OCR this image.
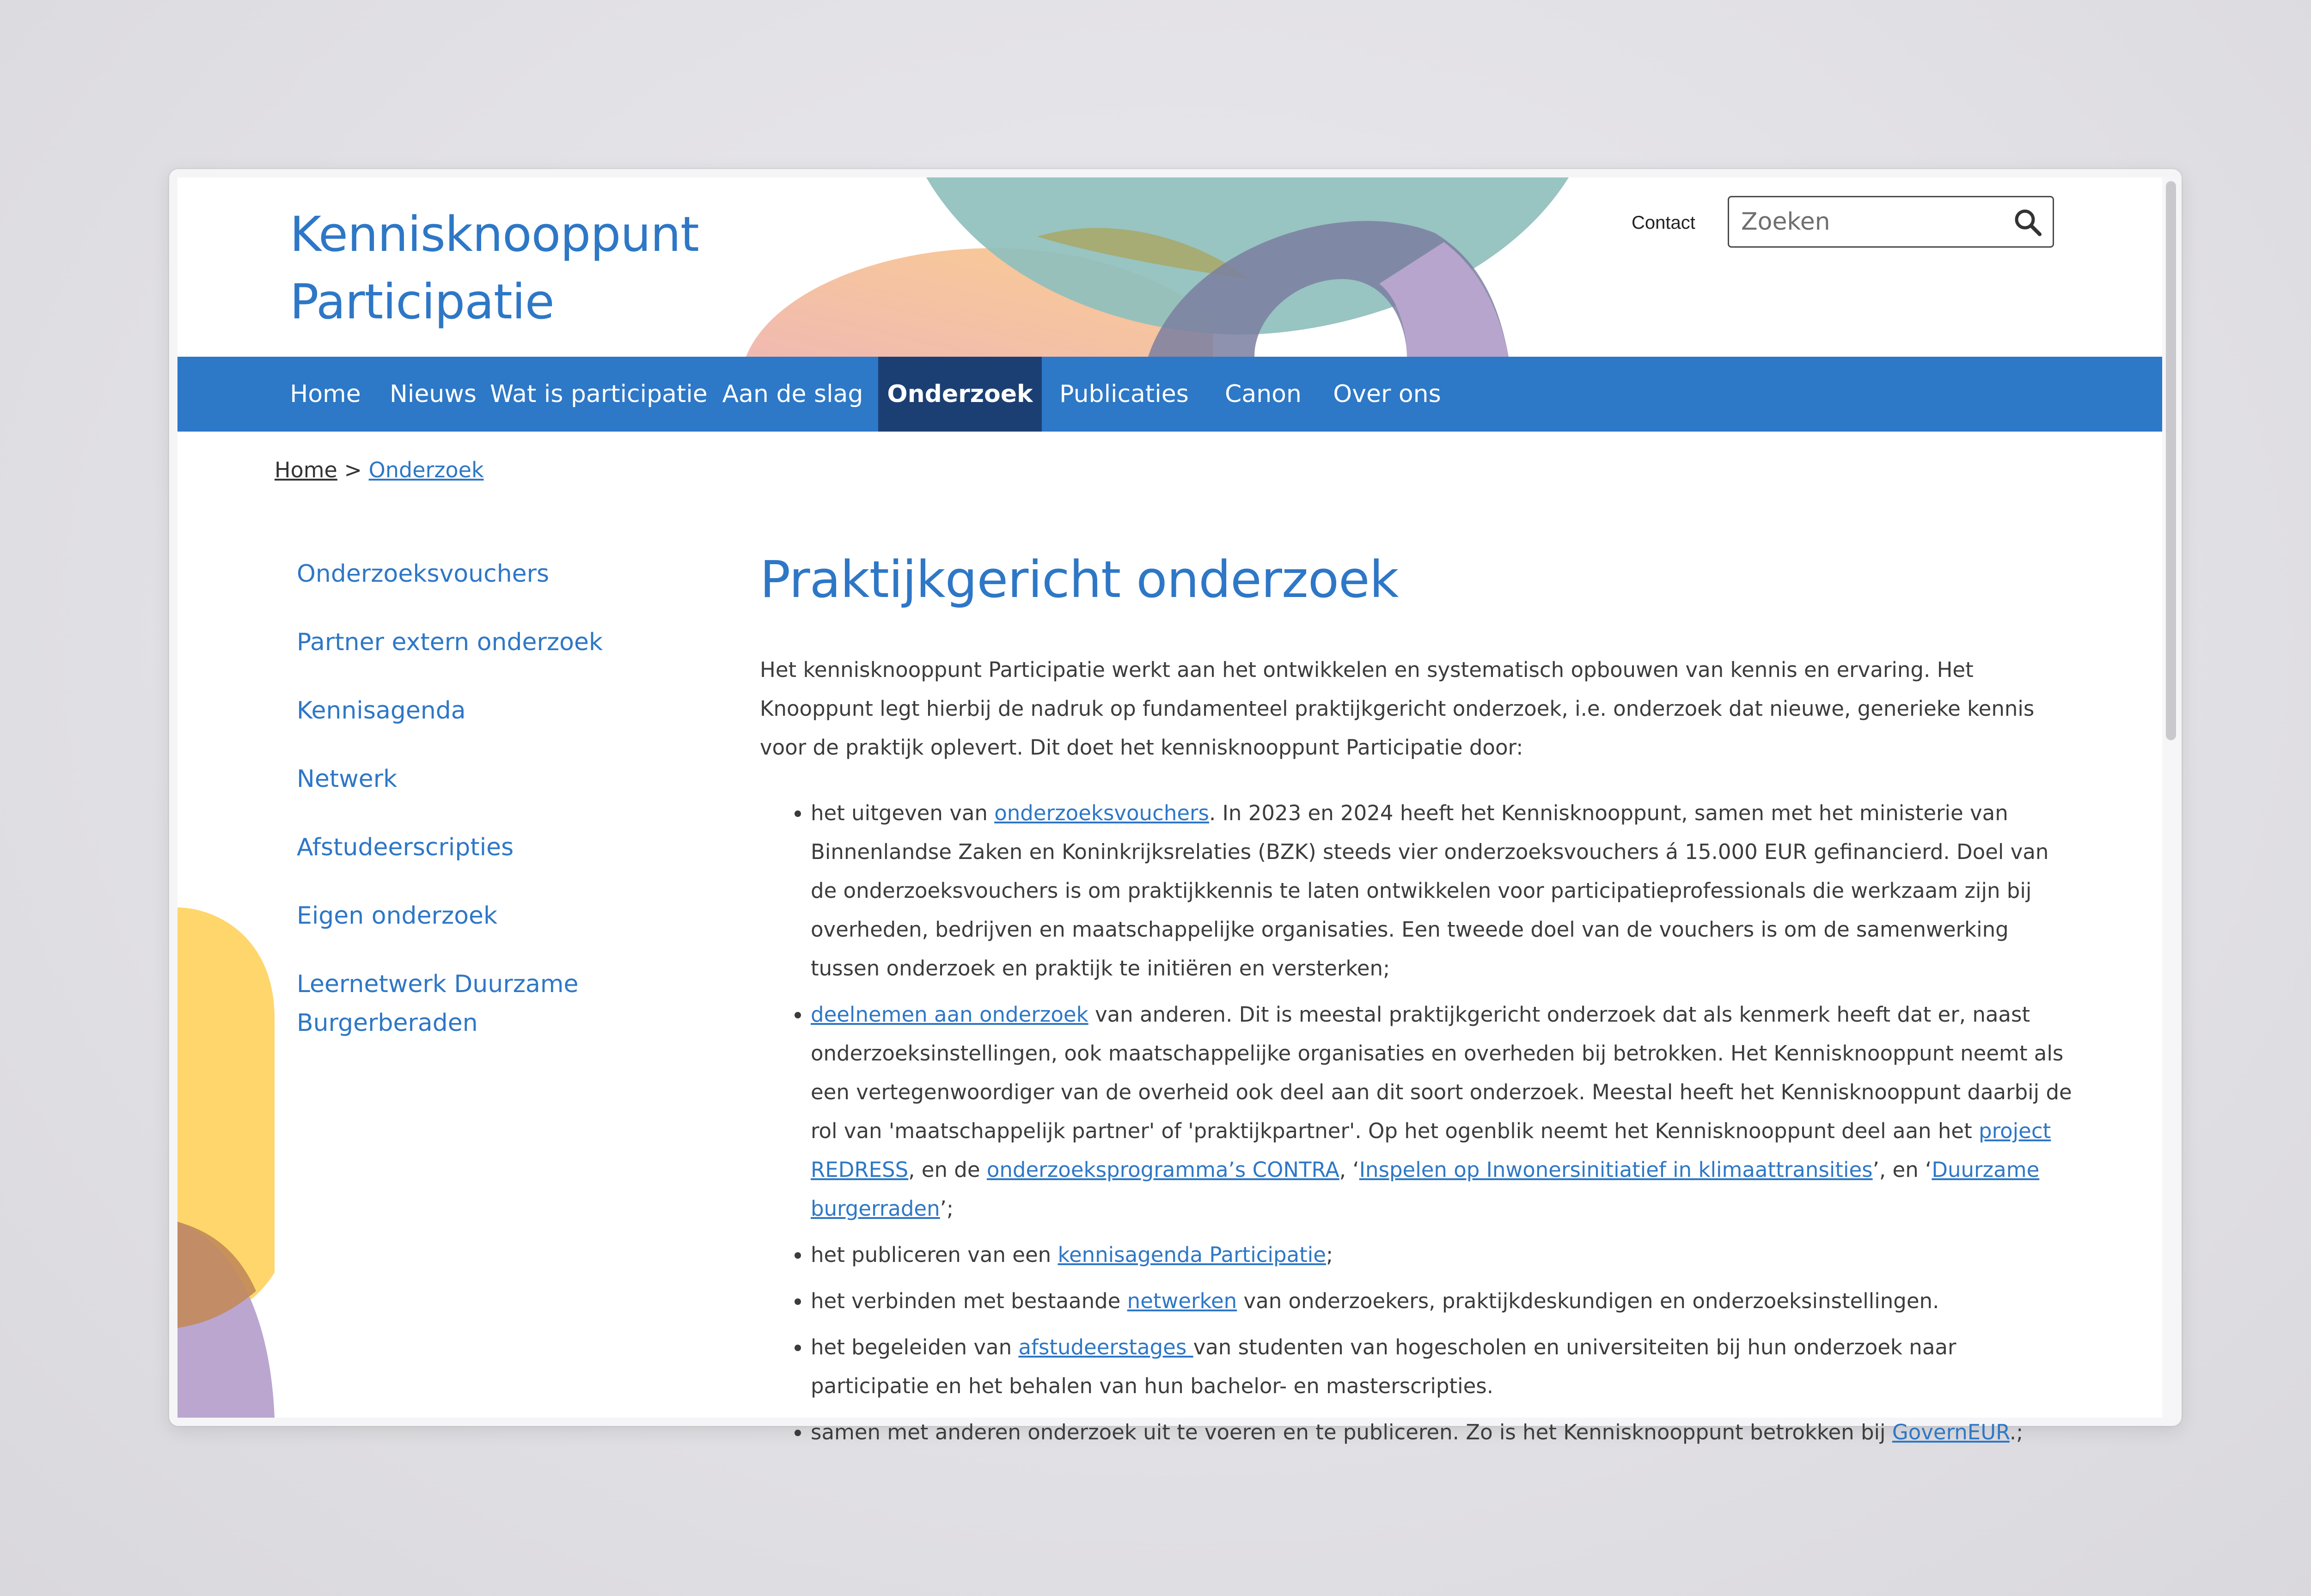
Kennisknooppunt
Participatie
Contact
Zoeken
Home	Nieuws Wat is participatie Aan de slag Onderzoek	Publicaties	Canon	Over ons
Home > Onderzoek
Onderzoeksvouchers
Partner extern onderzoek
Kennisagenda
Netwerk
Afstudeerscripties
Eigen onderzoek
Leernetwerk Duurzame
Burgerberaden
Praktijkgericht onderzoek

Het kennisknooppunt Participatie werkt aan het ontwikkelen en systematisch opbouwen van kennis en ervaring. Het Knooppunt legt hierbij de nadruk op fundamenteel praktijkgericht onderzoek, i.e. onderzoek dat nieuwe, generieke kennis voor de praktijk oplevert. Dit doet het kennisknooppunt Participatie door:

• het uitgeven van onderzoeksvouchers. In 2023 en 2024 heeft het Kennisknooppunt, samen met het ministerie van Binnenlandse Zaken en Koninkrijksrelaties (BZK) steeds vier onderzoeksvouchers á 15.000 EUR gefinancierd. Doel van de onderzoeksvouchers is om praktijkkennis te laten ontwikkelen voor participatieprofessionals die werkzaam zijn bij overheden, bedrijven en maatschappelijke organisaties. Een tweede doel van de vouchers is om de samenwerking tussen onderzoek en praktijk te initiëren en versterken;
• deelnemen aan onderzoek van anderen. Dit is meestal praktijkgericht onderzoek dat als kenmerk heeft dat er, naast onderzoeksinstellingen, ook maatschappelijke organisaties en overheden bij betrokken. Het Kennisknooppunt neemt als een vertegenwoordiger van de overheid ook deel aan dit soort onderzoek. Meestal heeft het Kennisknooppunt daarbij de rol van 'maatschappelijk partner' of 'praktijkpartner'. Op het ogenblik neemt het Kennisknooppunt deel aan het project REDRESS, en de onderzoeksprogramma’s CONTRA, ‘Inspelen op Inwonersinitiatief in klimaattransities’, en ‘Duurzame burgerraden’;
• het publiceren van een kennisagenda Participatie;
• het verbinden met bestaande netwerken van onderzoekers, praktijkdeskundigen en onderzoeksinstellingen.
• het begeleiden van afstudeerstages van studenten van hogescholen en universiteiten bij hun onderzoek naar participatie en het behalen van hun bachelor- en masterscripties.
• samen met anderen onderzoek uit te voeren en te publiceren. Zo is het Kennisknooppunt betrokken bij GovernEUR.;
